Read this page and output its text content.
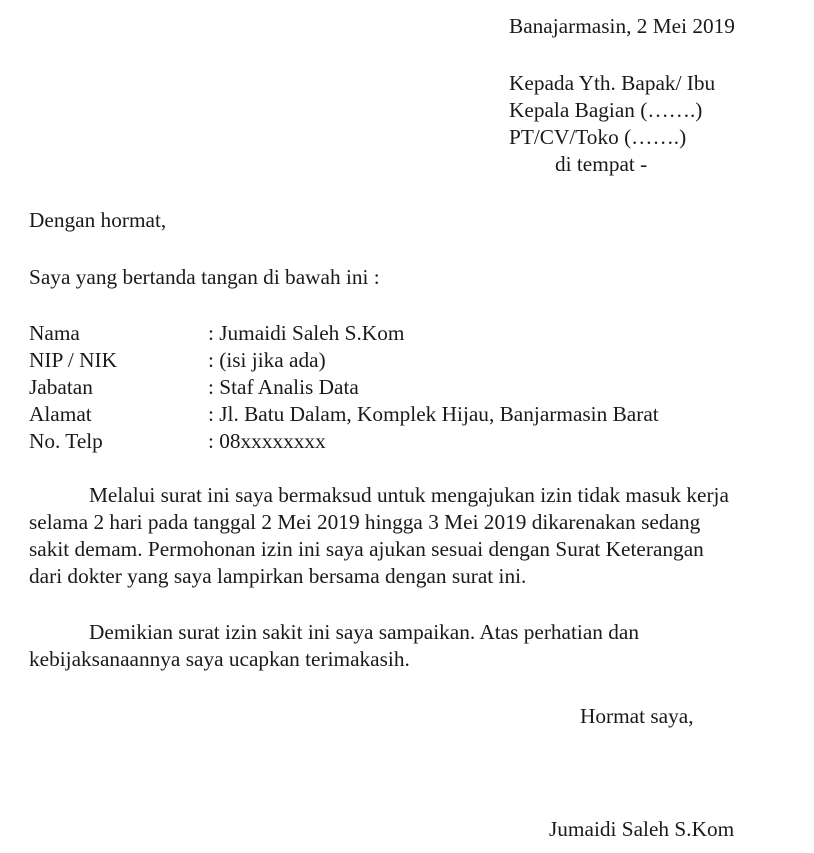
Banajarmasin, 2 Mei 2019
Kepada Yth. Bapak/ Ibu
Kepala Bagian (…….)
PT/CV/Toko (…….)
di tempat -
Dengan hormat,
Saya yang bertanda tangan di bawah ini :
Nama	: Jumaidi Saleh S.Kom
NIP / NIK	: (isi jika ada)
Jabatan	: Staf Analis Data
Alamat	: Jl. Batu Dalam, Komplek Hijau, Banjarmasin Barat
No. Telp	: 08xxxxxxxx
Melalui surat ini saya bermaksud untuk mengajukan izin tidak masuk kerja
selama 2 hari pada tanggal 2 Mei 2019 hingga 3 Mei 2019 dikarenakan sedang
sakit demam. Permohonan izin ini saya ajukan sesuai dengan Surat Keterangan
dari dokter yang saya lampirkan bersama dengan surat ini.
Demikian surat izin sakit ini saya sampaikan. Atas perhatian dan
kebijaksanaannya saya ucapkan terimakasih.
Hormat saya,
Jumaidi Saleh S.Kom
